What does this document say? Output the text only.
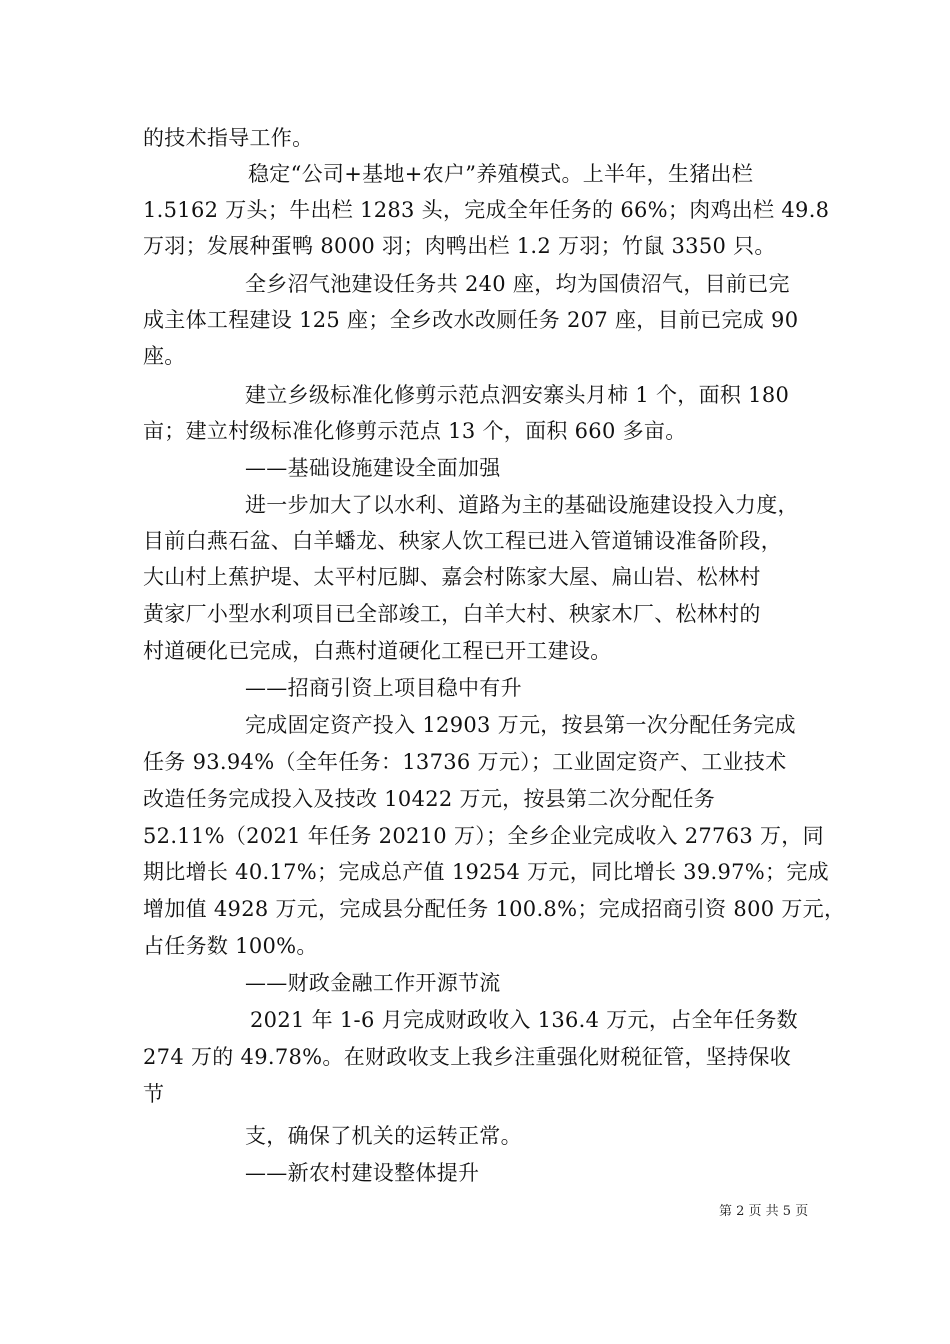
的技术指导工作。
稳定“公司+基地+农户”养殖模式。上半年，生猪出栏
1.5162 万头；牛出栏 1283 头，完成全年任务的 66%；肉鸡出栏 49.8
万羽；发展种蛋鸭 8000 羽；肉鸭出栏 1.2 万羽；竹鼠 3350 只。
全乡沼气池建设任务共 240 座，均为国债沼气，目前已完
成主体工程建设 125 座；全乡改水改厕任务 207 座，目前已完成 90
座。
建立乡级标准化修剪示范点泗安寨头月柿 1 个，面积 180
亩；建立村级标准化修剪示范点 13 个，面积 660 多亩。
——基础设施建设全面加强
进一步加大了以水利、道路为主的基础设施建设投入力度，
目前白燕石盆、白羊蟠龙、秧家人饮工程已进入管道铺设准备阶段，
大山村上蕉护堤、太平村厄脚、嘉会村陈家大屋、扁山岩、松林村
黄家厂小型水利项目已全部竣工，白羊大村、秧家木厂、松林村的
村道硬化已完成，白燕村道硬化工程已开工建设。
——招商引资上项目稳中有升
完成固定资产投入 12903 万元，按县第一次分配任务完成
任务 93.94%（全年任务：13736 万元）；工业固定资产、工业技术
改造任务完成投入及技改 10422 万元，按县第二次分配任务
52.11%（2021 年任务 20210 万）；全乡企业完成收入 27763 万，同
期比增长 40.17%；完成总产值 19254 万元，同比增长 39.97%；完成
增加值 4928 万元，完成县分配任务 100.8%；完成招商引资 800 万元，
占任务数 100%。
——财政金融工作开源节流
2021 年 1-6 月完成财政收入 136.4 万元，占全年任务数
274 万的 49.78%。在财政收支上我乡注重强化财税征管，坚持保收
节
支，确保了机关的运转正常。
——新农村建设整体提升
第 2 页 共 5 页
